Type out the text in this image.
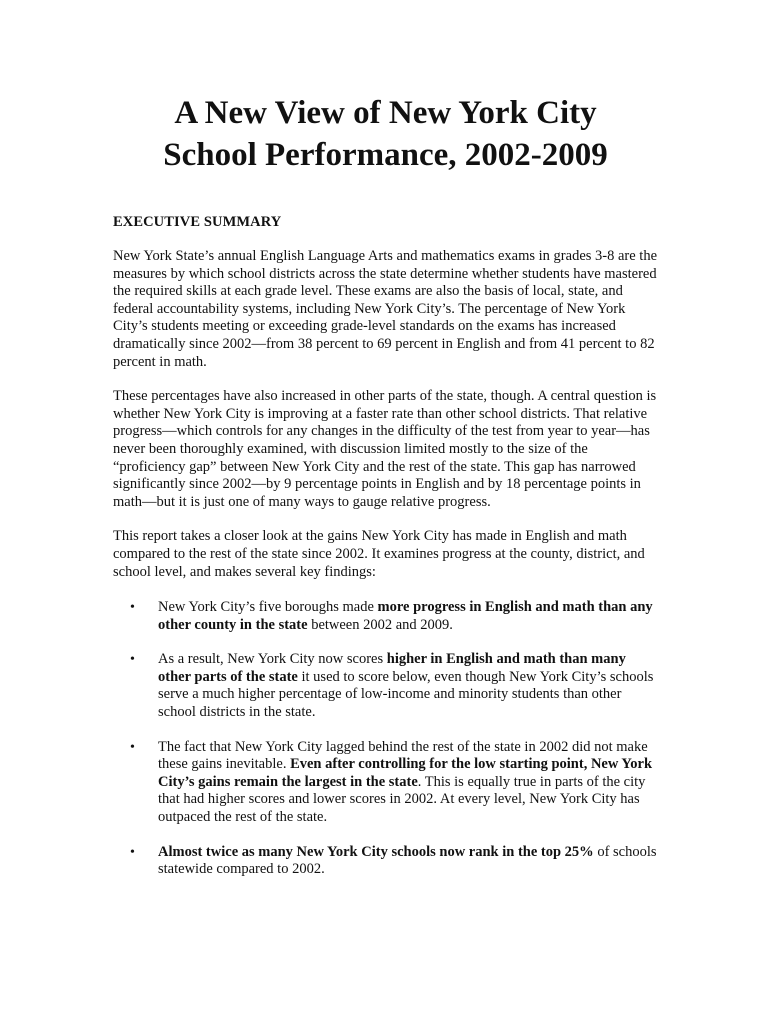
A New View of New York City
School Performance, 2002-2009
EXECUTIVE SUMMARY

New York State’s annual English Language Arts and mathematics exams in grades 3-8 are the measures by which school districts across the state determine whether students have mastered the required skills at each grade level. These exams are also the basis of local, state, and federal accountability systems, including New York City’s. The percentage of New York City’s students meeting or exceeding grade-level standards on the exams has increased dramatically since 2002—from 38 percent to 69 percent in English and from 41 percent to 82 percent in math.

These percentages have also increased in other parts of the state, though. A central question is whether New York City is improving at a faster rate than other school districts. That relative progress—which controls for any changes in the difficulty of the test from year to year—has never been thoroughly examined, with discussion limited mostly to the size of the “proficiency gap” between New York City and the rest of the state. This gap has narrowed significantly since 2002—by 9 percentage points in English and by 18 percentage points in math—but it is just one of many ways to gauge relative progress.

This report takes a closer look at the gains New York City has made in English and math compared to the rest of the state since 2002. It examines progress at the county, district, and school level, and makes several key findings:

• New York City’s five boroughs made more progress in English and math than any other county in the state between 2002 and 2009.
• As a result, New York City now scores higher in English and math than many other parts of the state it used to score below, even though New York City’s schools serve a much higher percentage of low-income and minority students than other school districts in the state.
• The fact that New York City lagged behind the rest of the state in 2002 did not make these gains inevitable. Even after controlling for the low starting point, New York City’s gains remain the largest in the state. This is equally true in parts of the city that had higher scores and lower scores in 2002. At every level, New York City has outpaced the rest of the state.
• Almost twice as many New York City schools now rank in the top 25% of schools statewide compared to 2002.
